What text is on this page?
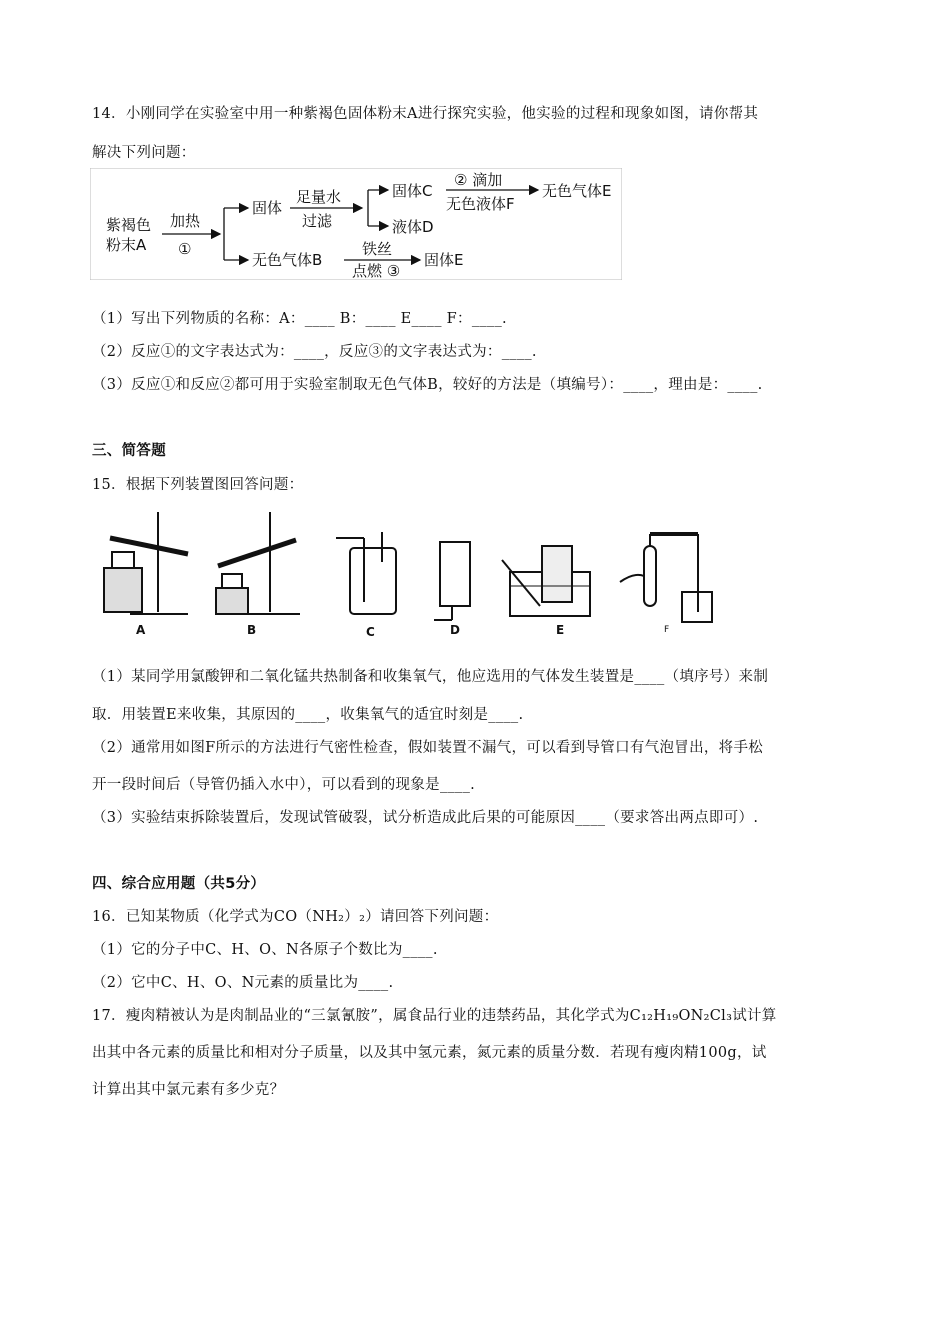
14．小刚同学在实验室中用一种紫褐色固体粉末A进行探究实验，他实验的过程和现象如图，请你帮其
解决下列问题：
紫褐色
粉末A
加热
①
固体
足量水
过滤
固体C
液体D
② 滴加
无色液体F
无色气体E
无色气体B
铁丝
点燃 ③
固体E
（1）写出下列物质的名称：A：____ B：____ E____ F：____.
（2）反应①的文字表达式为：____，反应③的文字表达式为：____.
（3）反应①和反应②都可用于实验室制取无色气体B，较好的方法是（填编号）：____，理由是：____.
三、简答题
15．根据下列装置图回答问题：
A	B	C	D	E	F
（1）某同学用氯酸钾和二氧化锰共热制备和收集氧气，他应选用的气体发生装置是____（填序号）来制
取．用装置E来收集，其原因的____，收集氧气的适宜时刻是____.
（2）通常用如图F所示的方法进行气密性检查，假如装置不漏气，可以看到导管口有气泡冒出，将手松
开一段时间后（导管仍插入水中），可以看到的现象是____.
（3）实验结束拆除装置后，发现试管破裂，试分析造成此后果的可能原因____（要求答出两点即可）.
四、综合应用题（共5分）
16．已知某物质（化学式为CO（NH₂）₂）请回答下列问题：
（1）它的分子中C、H、O、N各原子个数比为____.
（2）它中C、H、O、N元素的质量比为____.
17．瘦肉精被认为是肉制品业的“三氯氰胺”，属食品行业的违禁药品，其化学式为C₁₂H₁₉ON₂Cl₃试计算
出其中各元素的质量比和相对分子质量，以及其中氢元素，氮元素的质量分数．若现有瘦肉精100g，试
计算出其中氯元素有多少克？
